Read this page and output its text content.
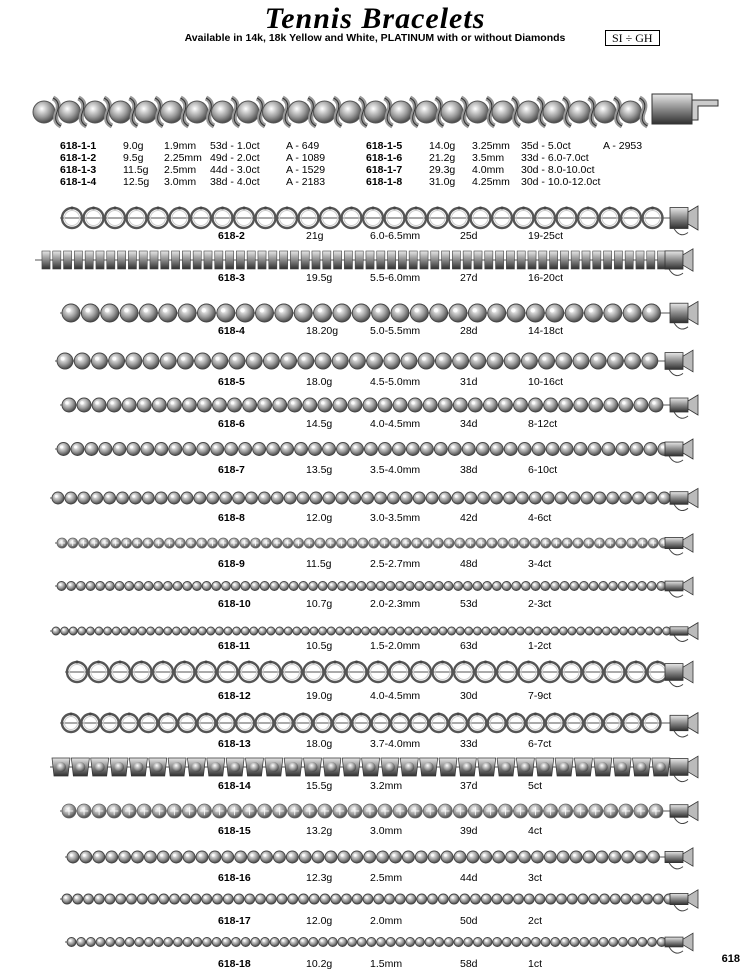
Tennis Bracelets
Available in 14k, 18k Yellow and White, PLATINUM with or without Diamonds	SI ÷ GH
618-1-1	9.0g 1.9mm 53d - 1.0ct	A - 649
618-1-2	9.5g 2.25mm 49d - 2.0ct	A - 1089
618-1-3	11.5g 2.5mm 44d - 3.0ct	A - 1529
618-1-4	12.5g 3.0mm 38d - 4.0ct	A - 2183
618-1-5	14.0g 3.25mm 35d - 5.0ct	A - 2953
618-1-6	21.2g 3.5mm 33d - 6.0-7.0ct
618-1-7	29.3g 4.0mm 30d - 8.0-10.0ct
618-1-8	31.0g 4.25mm 30d - 10.0-12.0ct
618-2	21g	6.0-6.5mm	25d	19-25ct
618-3	19.5g	5.5-6.0mm	27d	16-20ct
618-4	18.20g	5.0-5.5mm	28d	14-18ct
618-5	18.0g	4.5-5.0mm	31d	10-16ct
618-6	14.5g	4.0-4.5mm	34d	8-12ct
618-7	13.5g	3.5-4.0mm	38d	6-10ct
618-8	12.0g	3.0-3.5mm	42d	4-6ct
618-9	11.5g	2.5-2.7mm	48d	3-4ct
618-10	10.7g	2.0-2.3mm	53d	2-3ct
618-11	10.5g	1.5-2.0mm	63d	1-2ct
618-12	19.0g	4.0-4.5mm	30d	7-9ct
618-13	18.0g	3.7-4.0mm	33d	6-7ct
618-14	15.5g	3.2mm	37d	5ct
618-15	13.2g	3.0mm	39d	4ct
618-16	12.3g	2.5mm	44d	3ct
618-17	12.0g	2.0mm	50d	2ct
618-18	10.2g	1.5mm	58d	1ct	618
